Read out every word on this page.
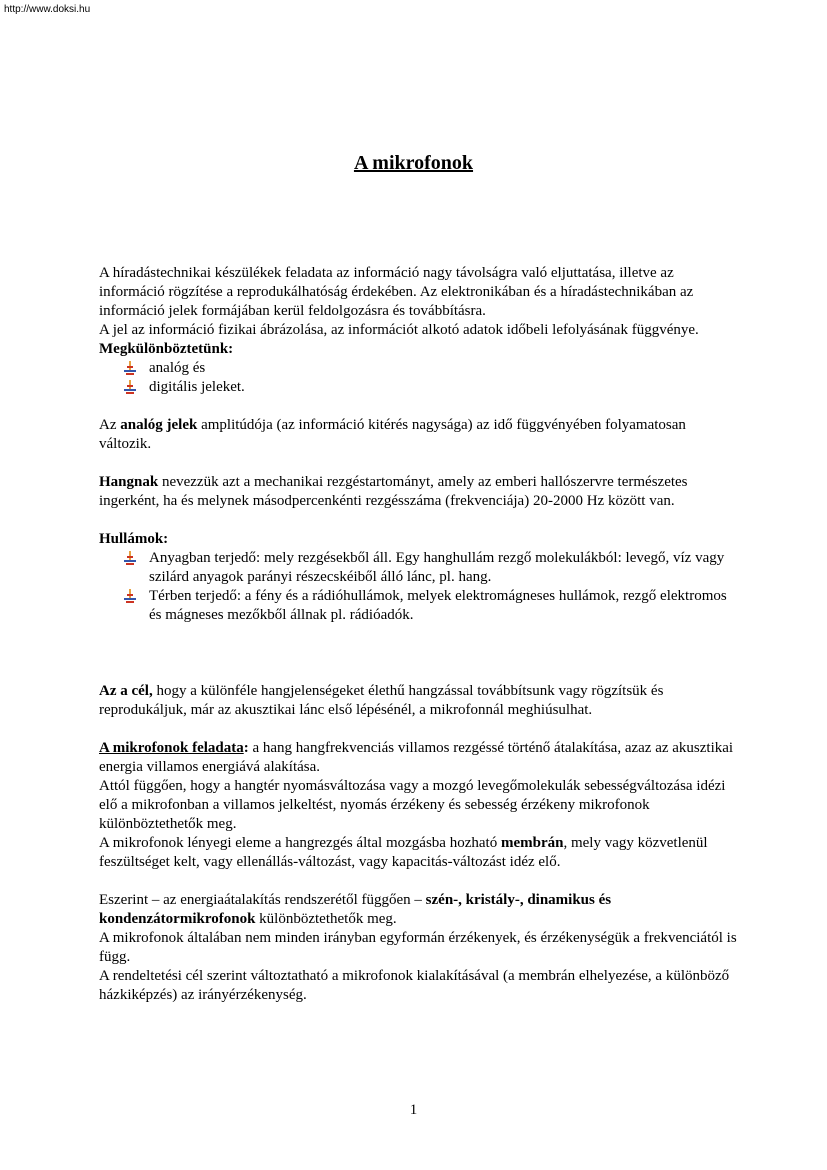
http://www.doksi.hu
A mikrofonok

A híradástechnikai készülékek feladata az információ nagy távolságra való eljuttatása, illetve az információ rögzítése a reprodukálhatóság érdekében. Az elektronikában és a híradástechnikában az információ jelek formájában kerül feldolgozásra és továbbításra.

A jel az információ fizikai ábrázolása, az információt alkotó adatok időbeli lefolyásának függvénye.

Megkülönböztetünk:

analóg és
digitális jeleket.

Az analóg jelek amplitúdója (az információ kitérés nagysága) az idő függvényében folyamatosan változik.

Hangnak nevezzük azt a mechanikai rezgéstartományt, amely az emberi hallószervre természetes ingerként, ha és melynek másodpercenkénti rezgésszáma (frekvenciája) 20-2000 Hz között van.

Hullámok:

Anyagban terjedő: mely rezgésekből áll. Egy hanghullám rezgő molekulákból: levegő, víz vagy szilárd anyagok parányi részecskéiből álló lánc, pl. hang.
Térben terjedő: a fény és a rádióhullámok, melyek elektromágneses hullámok, rezgő elektromos és mágneses mezőkből állnak pl. rádióadók.

Az a cél, hogy a különféle hangjelenségeket élethű hangzással továbbítsunk vagy rögzítsük és reprodukáljuk, már az akusztikai lánc első lépésénél, a mikrofonnál meghiúsulhat.

A mikrofonok feladata: a hang hangfrekvenciás villamos rezgéssé történő átalakítása, azaz az akusztikai energia villamos energiává alakítása.

Attól függően, hogy a hangtér nyomásváltozása vagy a mozgó levegőmolekulák sebességváltozása idézi elő a mikrofonban a villamos jelkeltést, nyomás érzékeny és sebesség érzékeny mikrofonok különböztethetők meg.

A mikrofonok lényegi eleme a hangrezgés által mozgásba hozható membrán, mely vagy közvetlenül feszültséget kelt, vagy ellenállás-változást, vagy kapacitás-változást idéz elő.

Eszerint – az energiaátalakítás rendszerétől függően – szén-, kristály-, dinamikus és kondenzátormikrofonok különböztethetők meg.

A mikrofonok általában nem minden irányban egyformán érzékenyek, és érzékenységük a frekvenciától is függ.

A rendeltetési cél szerint változtatható a mikrofonok kialakításával (a membrán elhelyezése, a különböző házkiképzés) az irányérzékenység.

1
